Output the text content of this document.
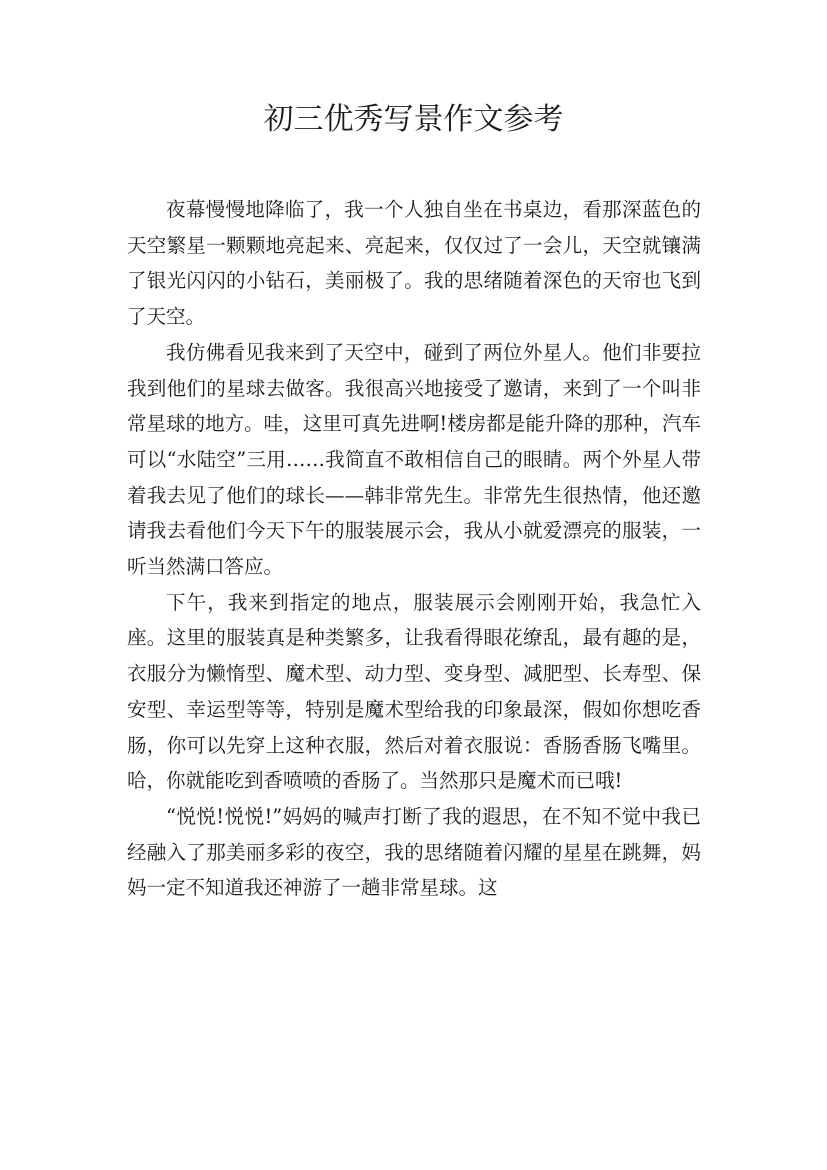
初三优秀写景作文参考

夜幕慢慢地降临了，我一个人独自坐在书桌边，看那深蓝色的天空繁星一颗颗地亮起来、亮起来，仅仅过了一会儿，天空就镶满了银光闪闪的小钻石，美丽极了。我的思绪随着深色的天帘也飞到了天空。

我仿佛看见我来到了天空中，碰到了两位外星人。他们非要拉我到他们的星球去做客。我很高兴地接受了邀请，来到了一个叫非常星球的地方。哇，这里可真先进啊!楼房都是能升降的那种，汽车可以“水陆空”三用……我简直不敢相信自己的眼睛。两个外星人带着我去见了他们的球长——韩非常先生。非常先生很热情，他还邀请我去看他们今天下午的服装展示会，我从小就爱漂亮的服装，一听当然满口答应。

下午，我来到指定的地点，服装展示会刚刚开始，我急忙入座。这里的服装真是种类繁多，让我看得眼花缭乱，最有趣的是，衣服分为懒惰型、魔术型、动力型、变身型、减肥型、长寿型、保安型、幸运型等等，特别是魔术型给我的印象最深，假如你想吃香肠，你可以先穿上这种衣服，然后对着衣服说：香肠香肠飞嘴里。哈，你就能吃到香喷喷的香肠了。当然那只是魔术而已哦!

“悦悦!悦悦!”妈妈的喊声打断了我的遐思，在不知不觉中我已经融入了那美丽多彩的夜空，我的思绪随着闪耀的星星在跳舞，妈妈一定不知道我还神游了一趟非常星球。这
